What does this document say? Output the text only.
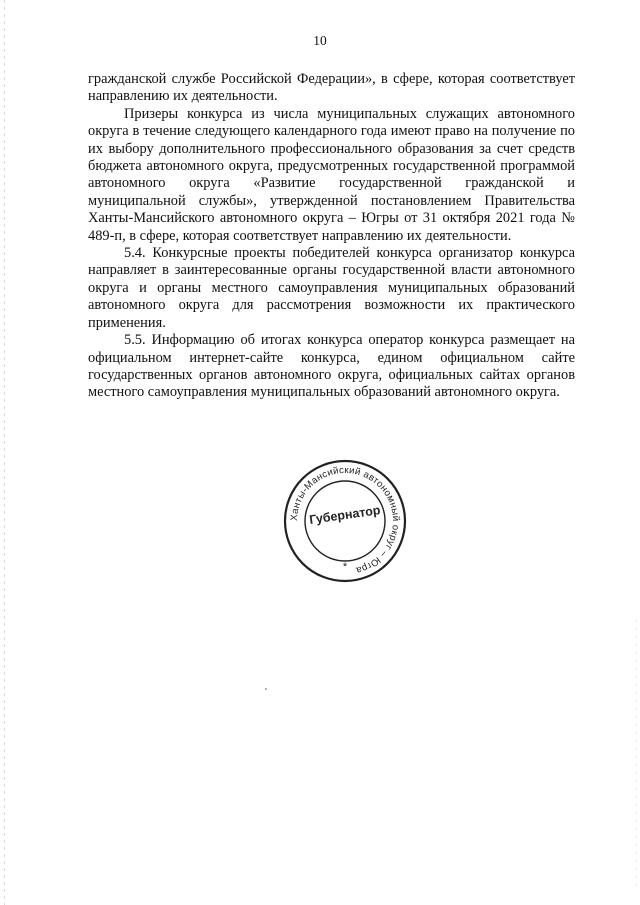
10

гражданской службе Российской Федерации», в сфере, которая соответствует направлению их деятельности.

Призеры конкурса из числа муниципальных служащих автономного округа в течение следующего календарного года имеют право на получение по их выбору дополнительного профессионального образования за счет средств бюджета автономного округа, предусмотренных государственной программой автономного округа «Развитие государственной гражданской и муниципальной службы», утвержденной постановлением Правительства Ханты-Мансийского автономного округа – Югры от 31 октября 2021 года № 489-п, в сфере, которая соответствует направлению их деятельности.

5.4. Конкурсные проекты победителей конкурса организатор конкурса направляет в заинтересованные органы государственной власти автономного округа и органы местного самоуправления муниципальных образований автономного округа для рассмотрения возможности их практического применения.

5.5. Информацию об итогах конкурса оператор конкурса размещает на официальном интернет-сайте конкурса, едином официальном сайте государственных органов автономного округа, официальных сайтах органов местного самоуправления муниципальных образований автономного округа.

Ханты-Мансийский автономный округ – Югра
Губернатор
*
